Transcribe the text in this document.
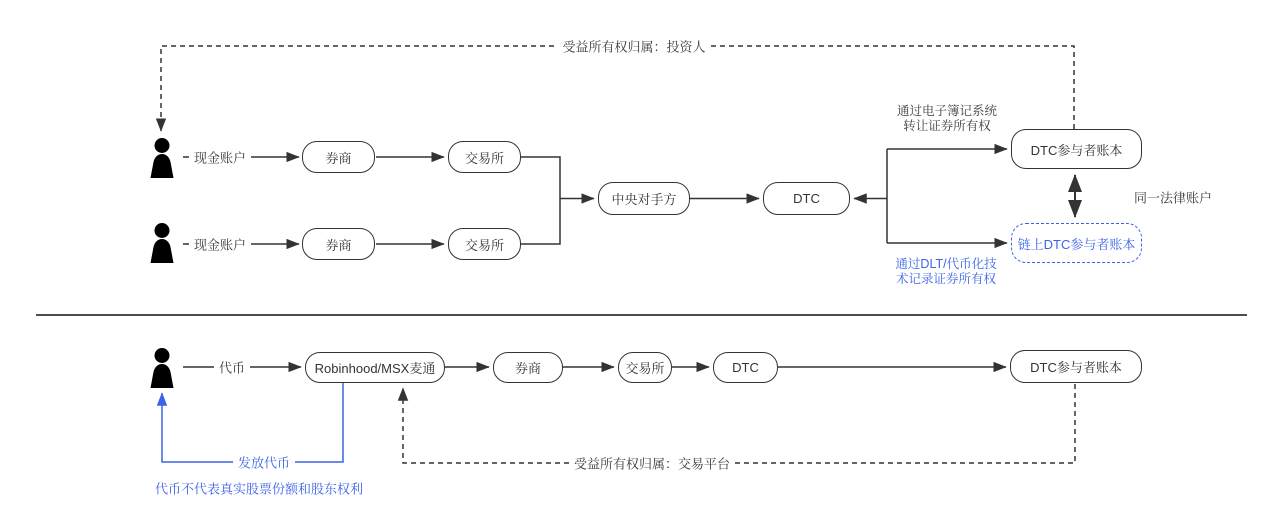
受益所有权归属：投资人
现金账户	券商	交易所
现金账户	券商	交易所
中央对手方	DTC
通过电子簿记系统
转让证券所有权
DTC参与者账本
同一法律账户
链上DTC参与者账本
通过DLT/代币化技
术记录证券所有权
代币	Robinhood/MSX麦通	券商	交易所	DTC	DTC参与者账本
受益所有权归属：交易平台
发放代币
代币不代表真实股票份额和股东权利
